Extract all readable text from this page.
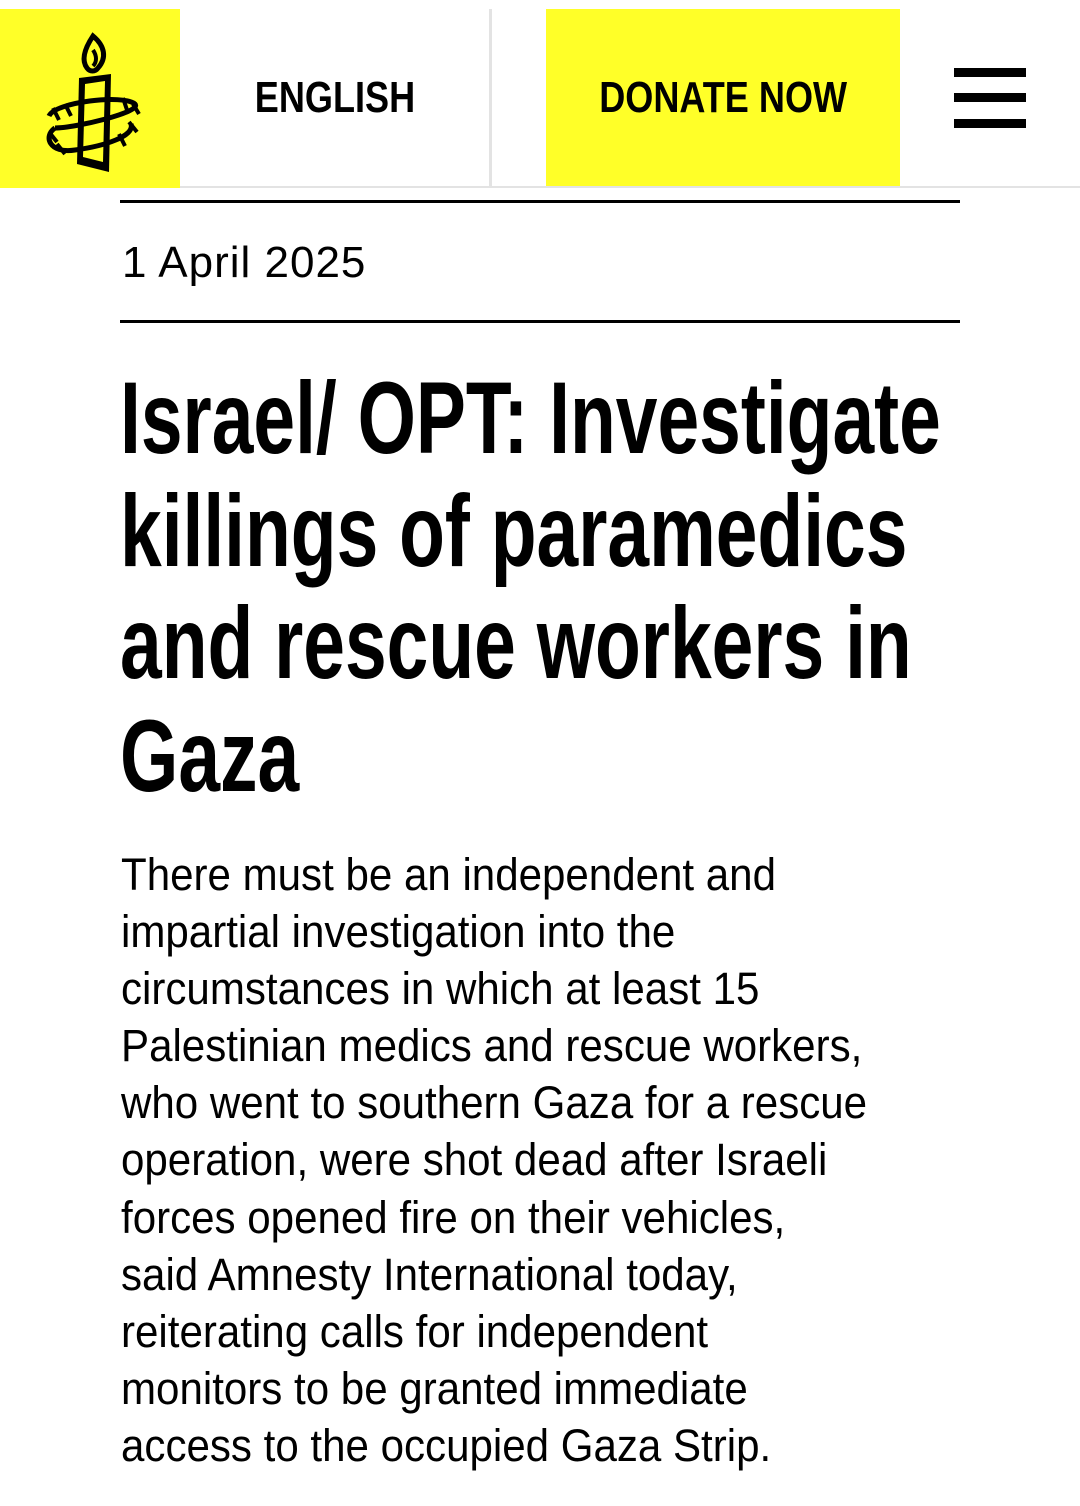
ENGLISH	DONATE NOW
1 April 2025
Israel/ OPT: Investigate
killings of paramedics
and rescue workers in
Gaza
There must be an independent and
impartial investigation into the
circumstances in which at least 15
Palestinian medics and rescue workers,
who went to southern Gaza for a rescue
operation, were shot dead after Israeli
forces opened fire on their vehicles,
said Amnesty International today,
reiterating calls for independent
monitors to be granted immediate
access to the occupied Gaza Strip.
